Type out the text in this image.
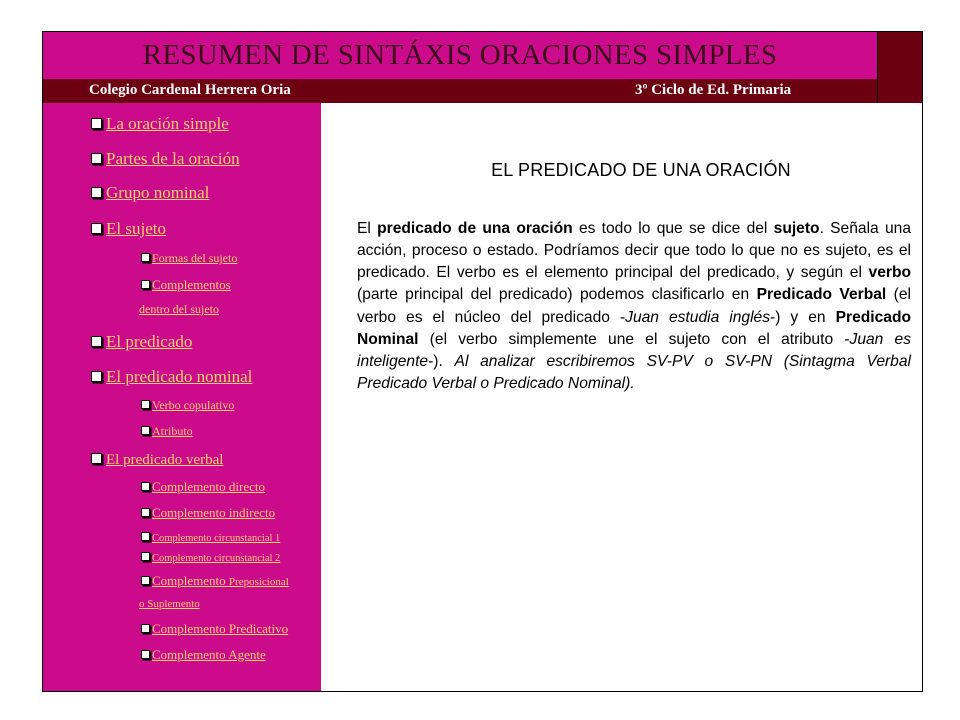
RESUMEN DE SINTÁXIS ORACIONES SIMPLES
Colegio Cardenal Herrera Oria	3º Ciclo de Ed. Primaria
La oración simple
Partes de la oración
Grupo nominal
El sujeto
Formas del sujeto
Complementos
dentro del sujeto
El predicado
El predicado nominal
Verbo copulativo
Atributo
El predicado verbal
Complemento directo
Complemento indirecto
Complemento circunstancial 1
Complemento circunstancial 2
Complemento Preposicional
o Suplemento
Complemento Predicativo
Complemento Agente
EL PREDICADO DE UNA ORACIÓN

El predicado de una oración es todo lo que se dice del sujeto. Señala una acción, proceso o estado. Podríamos decir que todo lo que no es sujeto, es el predicado. El verbo es el elemento principal del predicado, y según el verbo (parte principal del predicado) podemos clasificarlo en Predicado Verbal (el verbo es el núcleo del predicado -Juan estudia inglés-) y en Predicado Nominal (el verbo simplemente une el sujeto con el atributo -Juan es inteligente-). Al analizar escribiremos SV-PV o SV-PN (Sintagma Verbal Predicado Verbal o Predicado Nominal).
